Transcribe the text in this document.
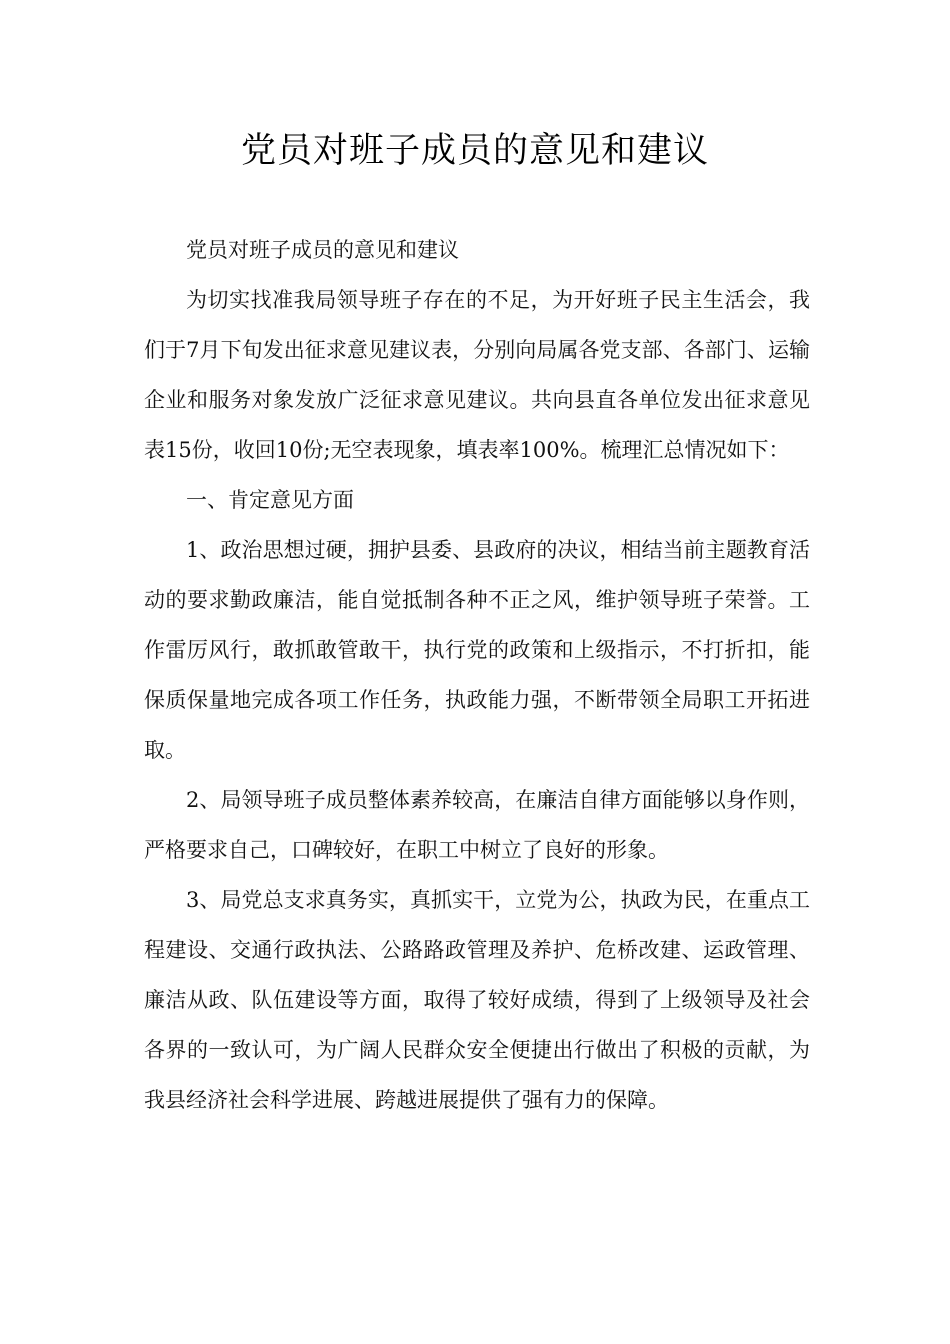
党员对班子成员的意见和建议

党员对班子成员的意见和建议

为切实找准我局领导班子存在的不足，为开好班子民主生活会，我们于7月下旬发出征求意见建议表，分别向局属各党支部、各部门、运输企业和服务对象发放广泛征求意见建议。共向县直各单位发出征求意见表15份，收回10份;无空表现象，填表率100%。梳理汇总情况如下：

一、肯定意见方面

1、政治思想过硬，拥护县委、县政府的决议，相结当前主题教育活动的要求勤政廉洁，能自觉抵制各种不正之风，维护领导班子荣誉。工作雷厉风行，敢抓敢管敢干，执行党的政策和上级指示，不打折扣，能保质保量地完成各项工作任务，执政能力强，不断带领全局职工开拓进取。

2、局领导班子成员整体素养较高，在廉洁自律方面能够以身作则，严格要求自己，口碑较好，在职工中树立了良好的形象。

3、局党总支求真务实，真抓实干，立党为公，执政为民，在重点工程建设、交通行政执法、公路路政管理及养护、危桥改建、运政管理、廉洁从政、队伍建设等方面，取得了较好成绩，得到了上级领导及社会各界的一致认可，为广阔人民群众安全便捷出行做出了积极的贡献，为我县经济社会科学进展、跨越进展提供了强有力的保障。
